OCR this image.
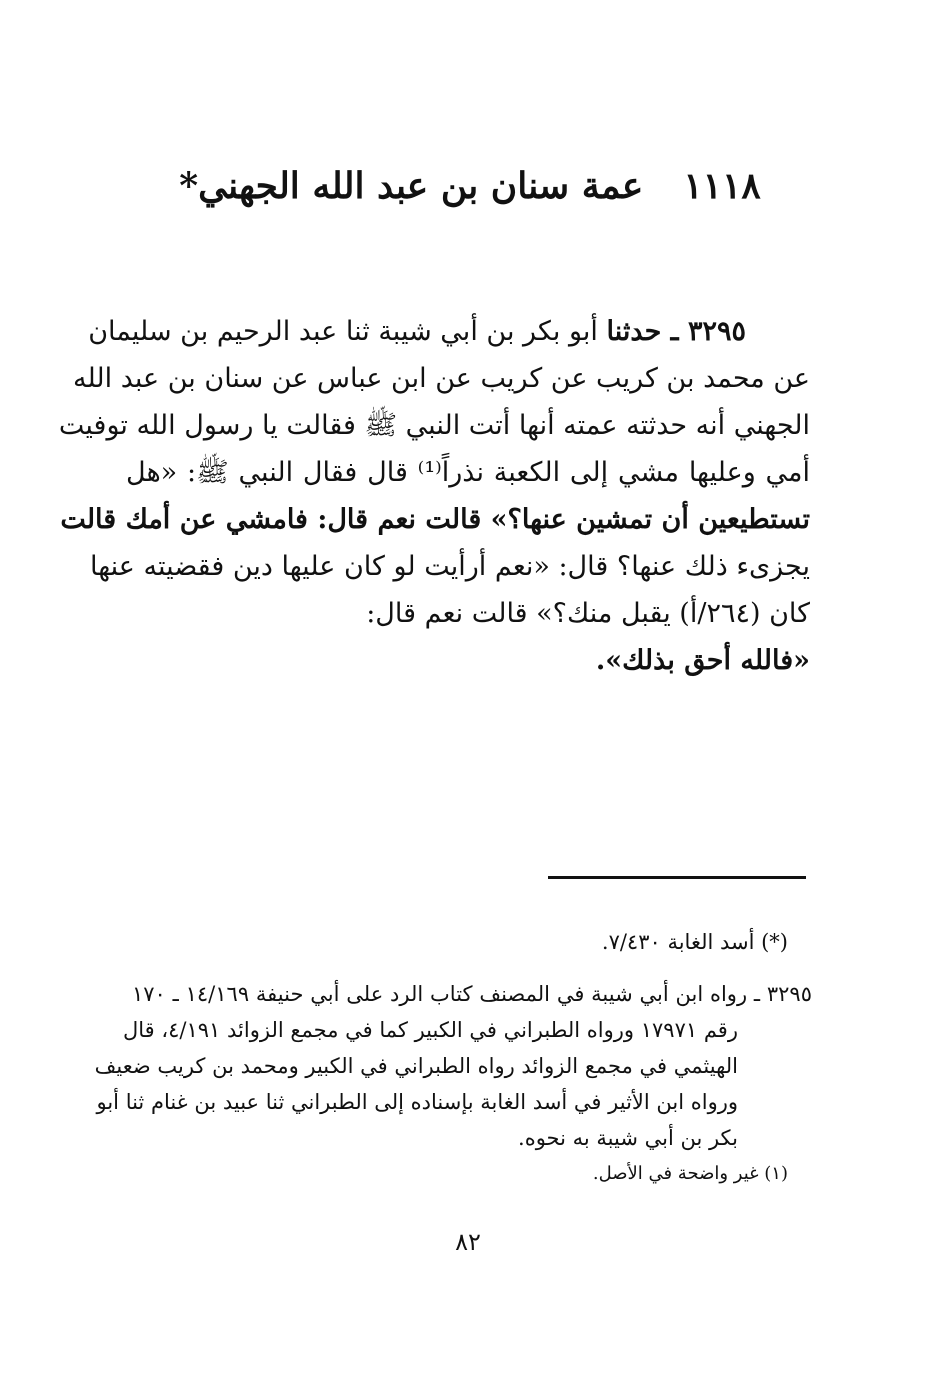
١١١٨عمة سنان بن عبد الله الجهني*
٣٢٩٥ ـ حدثنا أبو بكر بن أبي شيبة ثنا عبد الرحيم بن سليمان
عن محمد بن كريب عن كريب عن ابن عباس عن سنان بن عبد الله
الجهني أنه حدثته عمته أنها أتت النبي ﷺ فقالت يا رسول الله توفيت
أمي وعليها مشي إلى الكعبة نذراً⁽¹⁾ قال فقال النبي ﷺ: «هل
تستطيعين أن تمشين عنها؟» قالت نعم قال: فامشي عن أمك قالت
يجزىء ذلك عنها؟ قال: «نعم أرأيت لو كان عليها دين فقضيته عنها
كان (٢٦٤/أ) يقبل منك؟» قالت نعم قال:
«فالله أحق بذلك».
(*) أسد الغابة ٧/٤٣٠.
٣٢٩٥ ـ رواه ابن أبي شيبة في المصنف كتاب الرد على أبي حنيفة ١٤/١٦٩ ـ ١٧٠
رقم ١٧٩٧١ ورواه الطبراني في الكبير كما في مجمع الزوائد ٤/١٩١، قال
الهيثمي في مجمع الزوائد رواه الطبراني في الكبير ومحمد بن كريب ضعيف
ورواه ابن الأثير في أسد الغابة بإسناده إلى الطبراني ثنا عبيد بن غنام ثنا أبو
بكر بن أبي شيبة به نحوه.
(١) غير واضحة في الأصل.
٨٢
